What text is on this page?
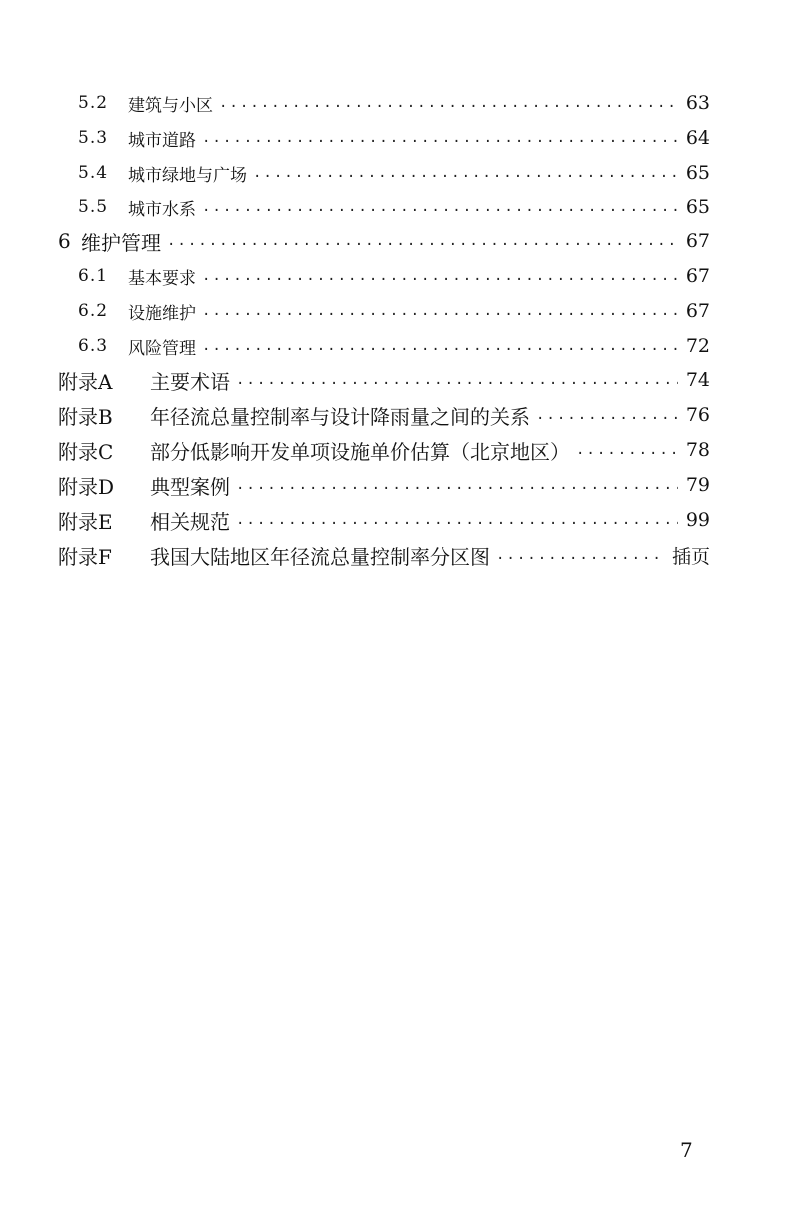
5.2	建筑与小区 .....	63
5.3	城市道路 .....	64
5.4	城市绿地与广场 .....	65
5.5	城市水系 .....	65
6 维护管理 .....	67
6.1	基本要求 .....	67
6.2	设施维护 .....	67
6.3	风险管理 .....	72
附录A	主要术语 .....	74
附录B	年径流总量控制率与设计降雨量之间的关系 .....	76
附录C	部分低影响开发单项设施单价估算（北京地区） .....	78
附录D	典型案例 .....	79
附录E	相关规范 .....	99
附录F	我国大陆地区年径流总量控制率分区图 .....	插页
7
